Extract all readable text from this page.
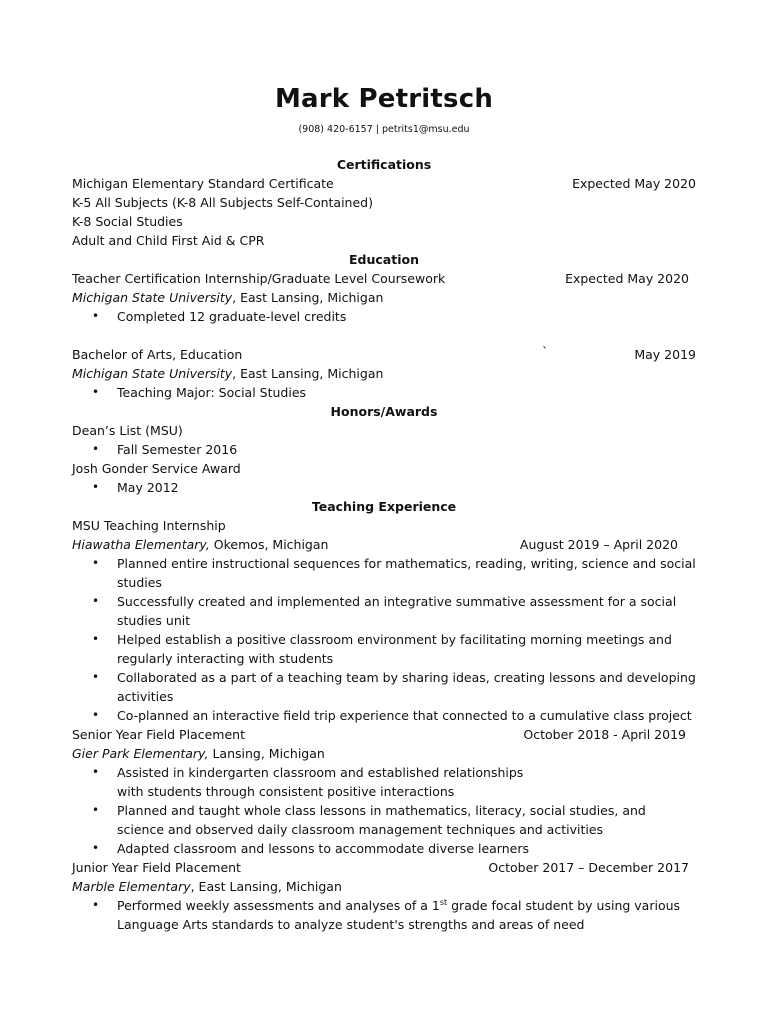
Mark Petritsch
(908) 420-6157 | petrits1@msu.edu
Certifications
Michigan Elementary Standard Certificate	Expected May 2020
K-5 All Subjects (K-8 All Subjects Self-Contained)
K-8 Social Studies
Adult and Child First Aid & CPR
Education
Teacher Certification Internship/Graduate Level Coursework	Expected May 2020
Michigan State University, East Lansing, Michigan
• Completed 12 graduate-level credits
Bachelor of Arts, Education	`	May 2019
Michigan State University, East Lansing, Michigan
• Teaching Major: Social Studies
Honors/Awards
Dean’s List (MSU)
• Fall Semester 2016
Josh Gonder Service Award
• May 2012
Teaching Experience
MSU Teaching Internship
Hiawatha Elementary, Okemos, Michigan	August 2019 – April 2020
• Planned entire instructional sequences for mathematics, reading, writing, science and social studies
• Successfully created and implemented an integrative summative assessment for a social studies unit
• Helped establish a positive classroom environment by facilitating morning meetings and regularly interacting with students
• Collaborated as a part of a teaching team by sharing ideas, creating lessons and developing activities
• Co-planned an interactive field trip experience that connected to a cumulative class project
Senior Year Field Placement	October 2018 - April 2019
Gier Park Elementary, Lansing, Michigan
• Assisted in kindergarten classroom and established relationships with students through consistent positive interactions
• Planned and taught whole class lessons in mathematics, literacy, social studies, and science and observed daily classroom management techniques and activities
• Adapted classroom and lessons to accommodate diverse learners
Junior Year Field Placement	October 2017 – December 2017
Marble Elementary, East Lansing, Michigan
• Performed weekly assessments and analyses of a 1st grade focal student by using various Language Arts standards to analyze student's strengths and areas of need
